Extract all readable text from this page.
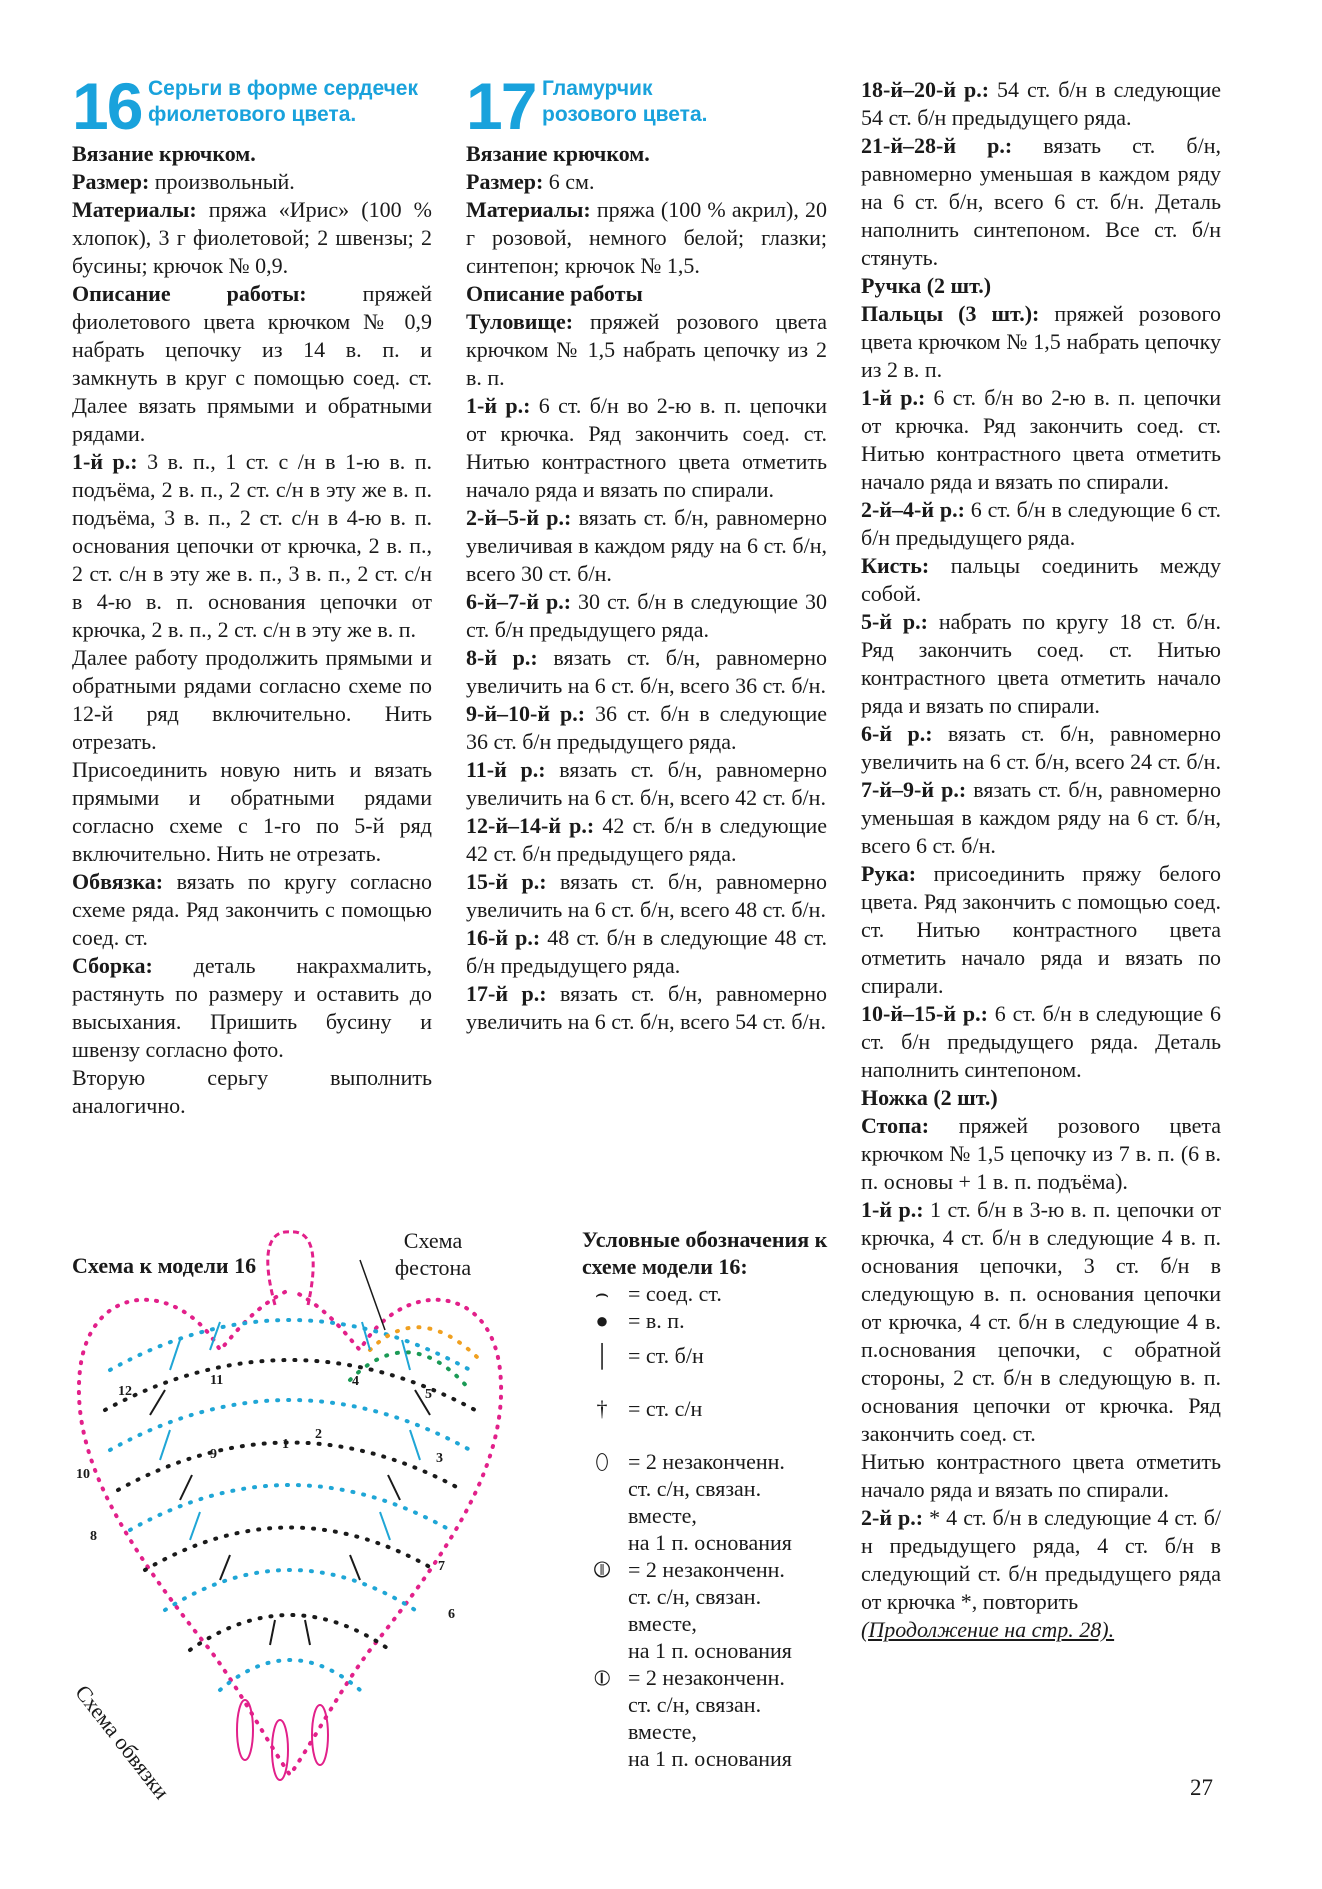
16 Серьги в форме сердечек фиолетового цвета.

Вязание крючком.

Размер: произвольный.

Материалы: пряжа «Ирис» (100 % хлопок), 3 г фиолетовой; 2 швензы; 2 бусины; крючок № 0,9.

Описание работы: пряжей фиолетового цвета крючком № 0,9 набрать цепочку из 14 в. п. и замкнуть в круг с помощью соед. ст. Далее вязать прямыми и обратными рядами.

1-й р.: 3 в. п., 1 ст. с /н в 1-ю в. п. подъёма, 2 в. п., 2 ст. с/н в эту же в. п. подъёма, 3 в. п., 2 ст. с/н в 4-ю в. п. основания цепочки от крючка, 2 в. п., 2 ст. с/н в эту же в. п., 3 в. п., 2 ст. с/н в 4-ю в. п. основания цепочки от крючка, 2 в. п., 2 ст. с/н в эту же в. п.

Далее работу продолжить прямыми и обратными рядами согласно схеме по 12-й ряд включительно. Нить отрезать.

Присоединить новую нить и вязать прямыми и обратными рядами согласно схеме с 1-го по 5-й ряд включительно. Нить не отрезать.

Обвязка: вязать по кругу согласно схеме ряда. Ряд закончить с помощью соед. ст.

Сборка: деталь накрахмалить, растянуть по размеру и оставить до высыхания. Пришить бусину и швензу согласно фото.

Вторую серьгу выполнить аналогично.

17 Гламурчик розового цвета.

Вязание крючком.

Размер: 6 см.

Материалы: пряжа (100 % акрил), 20 г розовой, немного белой; глазки; синтепон; крючок № 1,5.

Описание работы

Туловище: пряжей розового цвета крючком № 1,5 набрать цепочку из 2 в. п.

1-й р.: 6 ст. б/н во 2-ю в. п. цепочки от крючка. Ряд закончить соед. ст. Нитью контрастного цвета отметить начало ряда и вязать по спирали.

2-й–5-й р.: вязать ст. б/н, равномерно увеличивая в каждом ряду на 6 ст. б/н, всего 30 ст. б/н.

6-й–7-й р.: 30 ст. б/н в следующие 30 ст. б/н предыдущего ряда.

8-й р.: вязать ст. б/н, равномерно увеличить на 6 ст. б/н, всего 36 ст. б/н.

9-й–10-й р.: 36 ст. б/н в следующие 36 ст. б/н предыдущего ряда.

11-й р.: вязать ст. б/н, равномерно увеличить на 6 ст. б/н, всего 42 ст. б/н.

12-й–14-й р.: 42 ст. б/н в следующие 42 ст. б/н предыдущего ряда.

15-й р.: вязать ст. б/н, равномерно увеличить на 6 ст. б/н, всего 48 ст. б/н.

16-й р.: 48 ст. б/н в следующие 48 ст. б/н предыдущего ряда.

17-й р.: вязать ст. б/н, равномерно увеличить на 6 ст. б/н, всего 54 ст. б/н.

18-й–20-й р.: 54 ст. б/н в следующие 54 ст. б/н предыдущего ряда.

21-й–28-й р.: вязать ст. б/н, равномерно уменьшая в каждом ряду на 6 ст. б/н, всего 6 ст. б/н. Деталь наполнить синтепоном. Все ст. б/н стянуть.

Ручка (2 шт.)

Пальцы (3 шт.): пряжей розового цвета крючком № 1,5 набрать цепочку из 2 в. п.

1-й р.: 6 ст. б/н во 2-ю в. п. цепочки от крючка. Ряд закончить соед. ст. Нитью контрастного цвета отметить начало ряда и вязать по спирали.

2-й–4-й р.: 6 ст. б/н в следующие 6 ст. б/н предыдущего ряда.

Кисть: пальцы соединить между собой.

5-й р.: набрать по кругу 18 ст. б/н. Ряд закончить соед. ст. Нитью контрастного цвета отметить начало ряда и вязать по спирали.

6-й р.: вязать ст. б/н, равномерно увеличить на 6 ст. б/н, всего 24 ст. б/н.

7-й–9-й р.: вязать ст. б/н, равномерно уменьшая в каждом ряду на 6 ст. б/н, всего 6 ст. б/н.

Рука: присоединить пряжу белого цвета. Ряд закончить с помощью соед. ст. Нитью контрастного цвета отметить начало ряда и вязать по спирали.

10-й–15-й р.: 6 ст. б/н в следующие 6 ст. б/н предыдущего ряда. Деталь наполнить синтепоном.

Ножка (2 шт.)

Стопа: пряжей розового цвета крючком № 1,5 цепочку из 7 в. п. (6 в. п. основы + 1 в. п. подъёма).

1-й р.: 1 ст. б/н в 3-ю в. п. цепочки от крючка, 4 ст. б/н в следующие 4 в. п. основания цепочки, 3 ст. б/н в следующую в. п. основания цепочки от крючка, 4 ст. б/н в следующие 4 в. п.основания цепочки, с обратной стороны, 2 ст. б/н в следующую в. п. основания цепочки от крючка. Ряд закончить соед. ст.

Нитью контрастного цвета отметить начало ряда и вязать по спирали.

2-й р.: * 4 ст. б/н в следующие 4 ст. б/н предыдущего ряда, 4 ст. б/н в следующий ст. б/н предыдущего ряда от крючка *, повторить

(Продолжение на стр. 28).

Схема к модели 16
Схема фестона
1
2
3
4
5
6
7
8
9
10
11
12
Схема обвязки
Условные обозначения к схеме модели 16:
⌢ = соед. ст.
● = в. п.
│ = ст. б/н
† = ст. с/н
⬯ = 2 незаконченн.
ст. с/н, связан.
вместе,
на 1 п. основания
⦷ = 2 незаконченн.
ст. с/н, связан.
вместе,
на 1 п. основания
⦶ = 2 незаконченн.
ст. с/н, связан.
вместе,
на 1 п. основания
27
